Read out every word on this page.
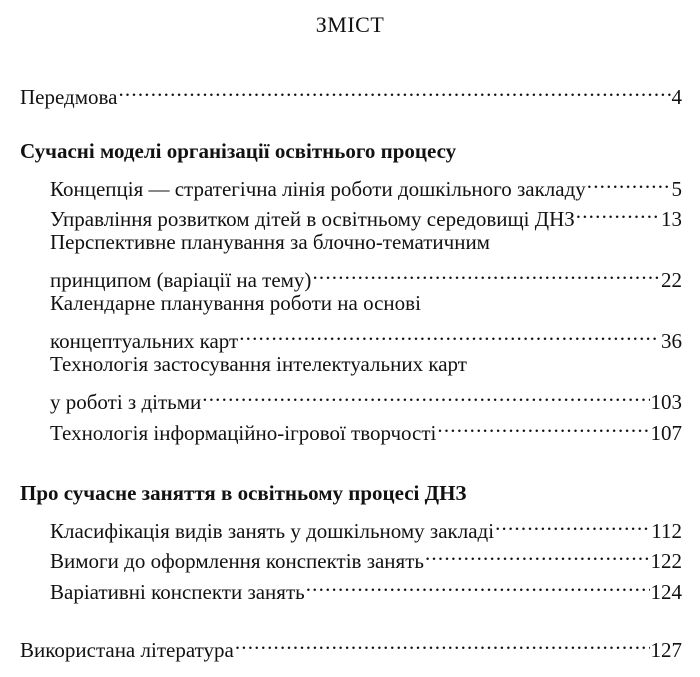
ЗМІСТ
Передмова .....	4
Сучасні моделі організації освітнього процесу
Концепція — стратегічна лінія роботи дошкільного закладу .....	5
Управління розвитком дітей в освітньому середовищі ДНЗ .....	13
Перспективне планування за блочно-тематичним
принципом (варіації на тему) .....	22
Календарне планування роботи на основі
концептуальних карт .....	36
Технологія застосування інтелектуальних карт
у роботі з дітьми .....	103
Технологія інформаційно-ігрової творчості .....	107
Про сучасне заняття в освітньому процесі ДНЗ
Класифікація видів занять у дошкільному закладі .....	112
Вимоги до оформлення конспектів занять .....	122
Варіативні конспекти занять .....	124
Використана література .....	127
